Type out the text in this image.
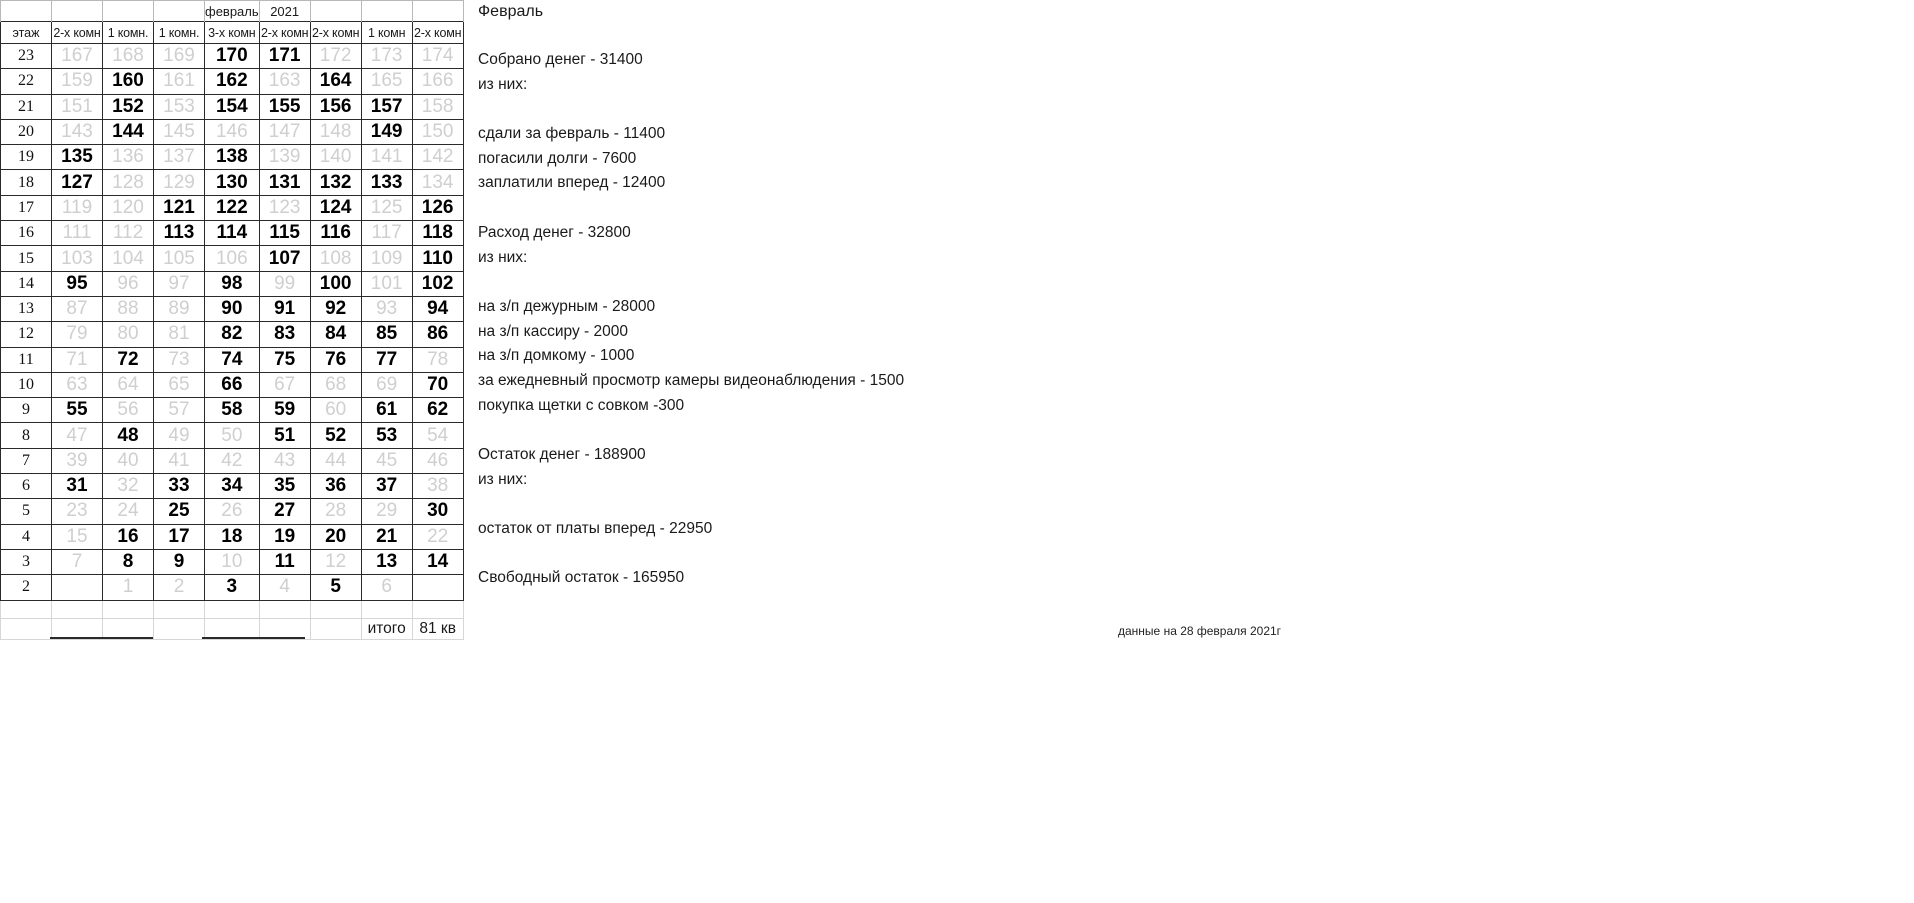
				февраль	2021			
этаж	2-х комн	1 комн.	1 комн.	3-х комн	2-х комн	2-х комн	1 комн	2-х комн
23	167	168	169	170	171	172	173	174
22	159	160	161	162	163	164	165	166
21	151	152	153	154	155	156	157	158
20	143	144	145	146	147	148	149	150
19	135	136	137	138	139	140	141	142
18	127	128	129	130	131	132	133	134
17	119	120	121	122	123	124	125	126
16	111	112	113	114	115	116	117	118
15	103	104	105	106	107	108	109	110
14	95	96	97	98	99	100	101	102
13	87	88	89	90	91	92	93	94
12	79	80	81	82	83	84	85	86
11	71	72	73	74	75	76	77	78
10	63	64	65	66	67	68	69	70
9	55	56	57	58	59	60	61	62
8	47	48	49	50	51	52	53	54
7	39	40	41	42	43	44	45	46
6	31	32	33	34	35	36	37	38
5	23	24	25	26	27	28	29	30
4	15	16	17	18	19	20	21	22
3	7	8	9	10	11	12	13	14
2		1	2	3	4	5	6	

							итого	81 кв
Февраль
Собрано денег - 31400
из них:
сдали за февраль - 11400
погасили долги - 7600
заплатили вперед - 12400
Расход денег - 32800
из них:
на з/п дежурным - 28000
на з/п кассиру - 2000
на з/п домкому - 1000
за ежедневный просмотр камеры видеонаблюдения - 1500
покупка щетки с совком -300
Остаток денег - 188900
из них:
остаток от платы вперед - 22950
Свободный остаток - 165950
данные на 28 февраля 2021г
